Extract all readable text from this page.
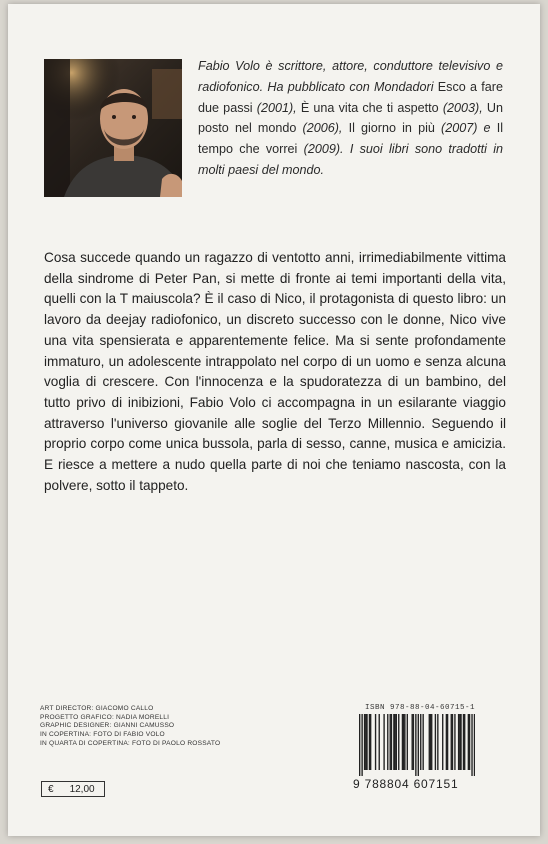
Fabio Volo è scrittore, attore, conduttore televisivo e radiofonico. Ha pubblicato con Mondadori Esco a fare due passi (2001), È una vita che ti aspetto (2003), Un posto nel mondo (2006), Il giorno in più (2007) e Il tempo che vorrei (2009). I suoi libri sono tradotti in molti paesi del mondo.

Cosa succede quando un ragazzo di ventotto anni, irrimediabilmente vittima della sindrome di Peter Pan, si mette di fronte ai temi importanti della vita, quelli con la T maiuscola? È il caso di Nico, il protagonista di questo libro: un lavoro da deejay radiofonico, un discreto successo con le donne, Nico vive una vita spensierata e apparentemente felice. Ma si sente profondamente immaturo, un adolescente intrappolato nel corpo di un uomo e senza alcuna voglia di crescere. Con l'innocenza e la spudoratezza di un bambino, del tutto privo di inibizioni, Fabio Volo ci accompagna in un esilarante viaggio attraverso l'universo giovanile alle soglie del Terzo Millennio. Seguendo il proprio corpo come unica bussola, parla di sesso, canne, musica e amicizia. E riesce a mettere a nudo quella parte di noi che teniamo nascosta, con la polvere, sotto il tappeto.

ART DIRECTOR: GIACOMO CALLO
PROGETTO GRAFICO: NADIA MORELLI
GRAPHIC DESIGNER: GIANNI CAMUSSO
IN COPERTINA: FOTO DI FABIO VOLO
IN QUARTA DI COPERTINA: FOTO DI PAOLO ROSSATO
€ 12,00
ISBN 978-88-04-60715-1
9 788804 607151
